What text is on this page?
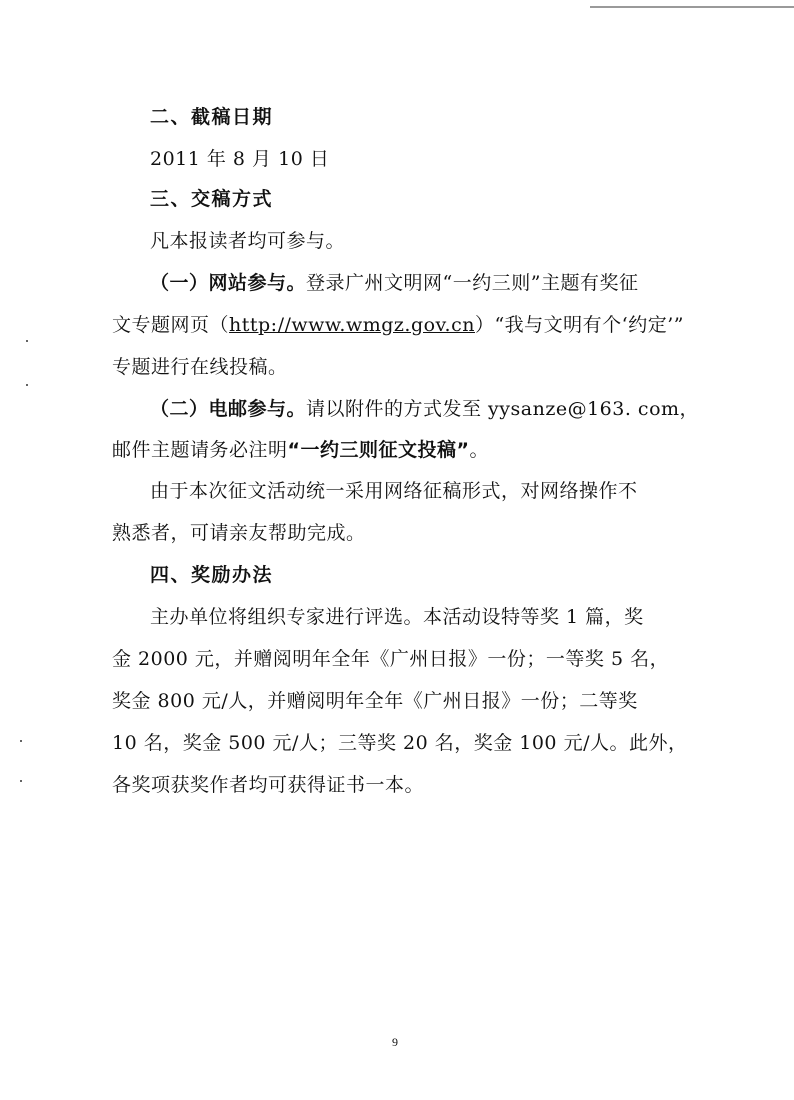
二、截稿日期
2011 年 8 月 10 日
三、交稿方式
凡本报读者均可参与。
（一）网站参与。登录广州文明网“一约三则”主题有奖征
文专题网页（http://www.wmgz.gov.cn）“我与文明有个‘约定’”
专题进行在线投稿。
（二）电邮参与。请以附件的方式发至 yysanze@163. com，
邮件主题请务必注明“一约三则征文投稿”。
由于本次征文活动统一采用网络征稿形式，对网络操作不
熟悉者，可请亲友帮助完成。
四、奖励办法
主办单位将组织专家进行评选。本活动设特等奖 1 篇，奖
金 2000 元，并赠阅明年全年《广州日报》一份；一等奖 5 名，
奖金 800 元/人，并赠阅明年全年《广州日报》一份；二等奖
10 名，奖金 500 元/人；三等奖 20 名，奖金 100 元/人。此外，
各奖项获奖作者均可获得证书一本。
9
